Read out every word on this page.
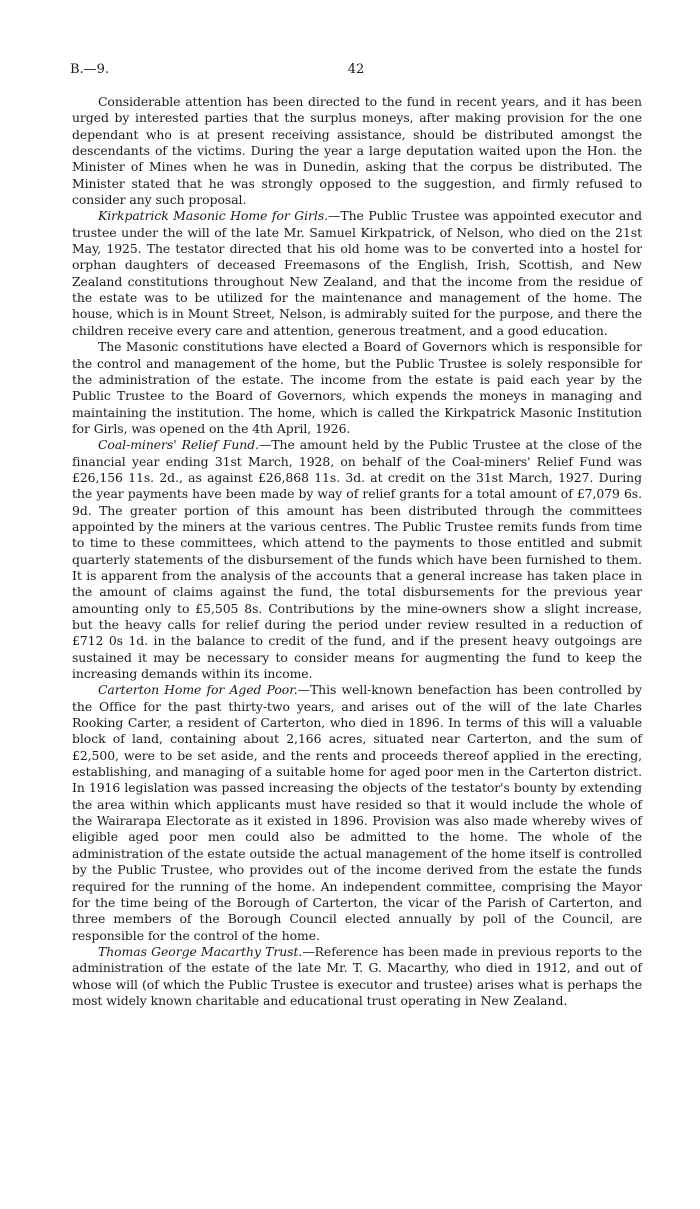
B.—9.	42

Considerable attention has been directed to the fund in recent years, and it has been urged by interested parties that the surplus moneys, after making provision for the one dependant who is at present receiving assistance, should be distributed amongst the descendants of the victims. During the year a large deputation waited upon the Hon. the Minister of Mines when he was in Dunedin, asking that the corpus be distributed. The Minister stated that he was strongly opposed to the suggestion, and firmly refused to consider any such proposal.

Kirkpatrick Masonic Home for Girls.—The Public Trustee was appointed executor and trustee under the will of the late Mr. Samuel Kirkpatrick, of Nelson, who died on the 21st May, 1925. The testator directed that his old home was to be converted into a hostel for orphan daughters of deceased Freemasons of the English, Irish, Scottish, and New Zealand constitutions throughout New Zealand, and that the income from the residue of the estate was to be utilized for the maintenance and management of the home. The house, which is in Mount Street, Nelson, is admirably suited for the purpose, and there the children receive every care and attention, generous treatment, and a good education.

The Masonic constitutions have elected a Board of Governors which is responsible for the control and management of the home, but the Public Trustee is solely responsible for the administration of the estate. The income from the estate is paid each year by the Public Trustee to the Board of Governors, which expends the moneys in managing and maintaining the institution. The home, which is called the Kirkpatrick Masonic Institution for Girls, was opened on the 4th April, 1926.

Coal-miners' Relief Fund.—The amount held by the Public Trustee at the close of the financial year ending 31st March, 1928, on behalf of the Coal-miners' Relief Fund was £26,156 11s. 2d., as against £26,868 11s. 3d. at credit on the 31st March, 1927. During the year payments have been made by way of relief grants for a total amount of £7,079 6s. 9d. The greater portion of this amount has been distributed through the committees appointed by the miners at the various centres. The Public Trustee remits funds from time to time to these committees, which attend to the payments to those entitled and submit quarterly statements of the disbursement of the funds which have been furnished to them. It is apparent from the analysis of the accounts that a general increase has taken place in the amount of claims against the fund, the total disbursements for the previous year amounting only to £5,505 8s. Contributions by the mine-owners show a slight increase, but the heavy calls for relief during the period under review resulted in a reduction of £712 0s 1d. in the balance to credit of the fund, and if the present heavy outgoings are sustained it may be necessary to consider means for augmenting the fund to keep the increasing demands within its income.

Carterton Home for Aged Poor.—This well-known benefaction has been controlled by the Office for the past thirty-two years, and arises out of the will of the late Charles Rooking Carter, a resident of Carterton, who died in 1896. In terms of this will a valuable block of land, containing about 2,166 acres, situated near Carterton, and the sum of £2,500, were to be set aside, and the rents and proceeds thereof applied in the erecting, establishing, and managing of a suitable home for aged poor men in the Carterton district. In 1916 legislation was passed increasing the objects of the testator's bounty by extending the area within which applicants must have resided so that it would include the whole of the Wairarapa Electorate as it existed in 1896. Provision was also made whereby wives of eligible aged poor men could also be admitted to the home. The whole of the administration of the estate outside the actual management of the home itself is controlled by the Public Trustee, who provides out of the income derived from the estate the funds required for the running of the home. An independent committee, comprising the Mayor for the time being of the Borough of Carterton, the vicar of the Parish of Carterton, and three members of the Borough Council elected annually by poll of the Council, are responsible for the control of the home.

Thomas George Macarthy Trust.—Reference has been made in previous reports to the administration of the estate of the late Mr. T. G. Macarthy, who died in 1912, and out of whose will (of which the Public Trustee is executor and trustee) arises what is perhaps the most widely known charitable and educational trust operating in New Zealand.
